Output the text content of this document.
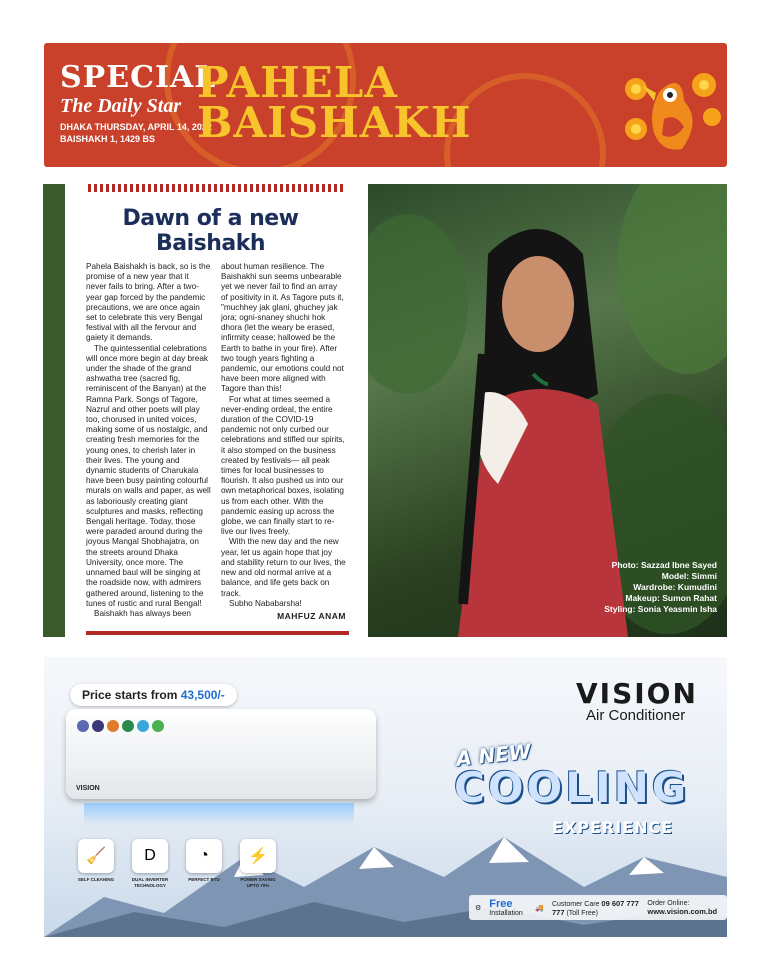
SPECIAL
The Daily Star
DHAKA THURSDAY, APRIL 14, 2022
BAISHAKH 1, 1429 BS
PAHELA
BAISHAKH
Dawn of a new Baishakh

Pahela Baishakh is back, so is the promise of a new year that it never fails to bring. After a two-year gap forced by the pandemic precautions, we are once again set to celebrate this very Bengal festival with all the fervour and gaiety it demands.

The quintessential celebrations will once more begin at day break under the shade of the grand ashwatha tree (sacred fig, reminiscent of the Banyan) at the Ramna Park. Songs of Tagore, Nazrul and other poets will play too, chorused in united voices, making some of us nostalgic, and creating fresh memories for the young ones, to cherish later in their lives. The young and dynamic students of Charukala have been busy painting colourful murals on walls and paper, as well as laboriously creating giant sculptures and masks, reflecting Bengali heritage. Today, those were paraded around during the joyous Mangal Shobhajatra, on the streets around Dhaka University, once more. The unnamed baul will be singing at the roadside now, with admirers gathered around, listening to the tunes of rustic and rural Bengal!

Baishakh has always been

about human resilience. The Baishakhi sun seems unbearable yet we never fail to find an array of positivity in it. As Tagore puts it, "muchhey jak glani, ghuchey jak jora; ogni-snaney shuchi hok dhora (let the weary be erased, infirmity cease; hallowed be the Earth to bathe in your fire). After two tough years fighting a pandemic, our emotions could not have been more aligned with Tagore than this!

For what at times seemed a never-ending ordeal, the entire duration of the COVID-19 pandemic not only curbed our celebrations and stifled our spirits, it also stomped on the business created by festivals— all peak times for local businesses to flourish. It also pushed us into our own metaphorical boxes, isolating us from each other. With the pandemic easing up across the globe, we can finally start to re-live our lives freely.

With the new day and the new year, let us again hope that joy and stability return to our lives, the new and old normal arrive at a balance, and life gets back on track.

Subho Nababarsha!

MAHFUZ ANAM
Photo: Sazzad Ibne Sayed
Model: Simmi
Wardrobe: Kumudini
Makeup: Sumon Rahat
Styling: Sonia Yeasmin Isha
Price starts from 43,500/-
VISION
VISION
Air Conditioner
A NEW
COOLING
EXPERIENCE
🧹
SELF CLEANING
D
DUAL INVERTER TECHNOLOGY
◔
PERFECT BTU
⚡
POWER SAVING UPTO 70%
⚙ Free Installation
🚚
Customer Care 09 607 777 777 (Toll Free)
Order Online: www.vision.com.bd
